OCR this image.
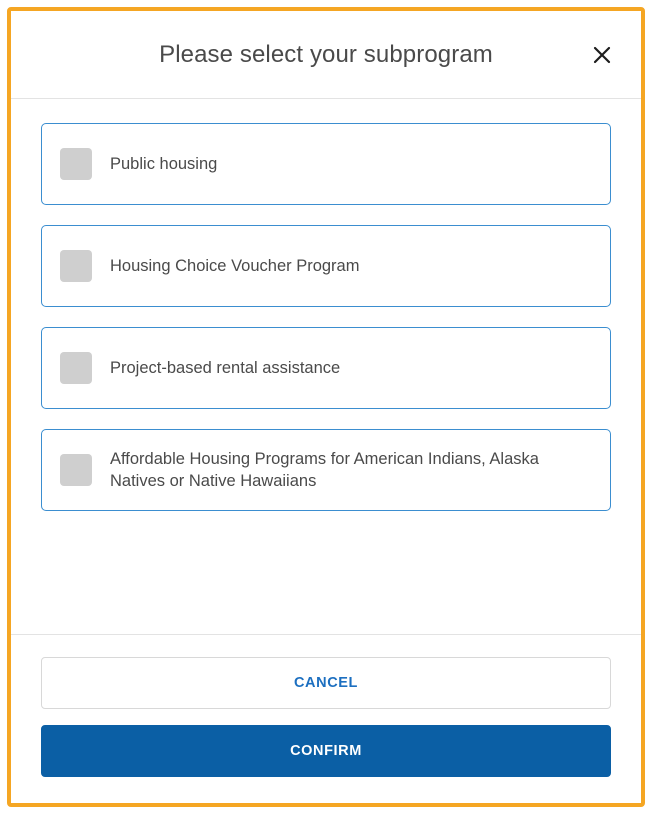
Please select your subprogram
Public housing
Housing Choice Voucher Program
Project-based rental assistance
Affordable Housing Programs for American Indians, Alaska Natives or Native Hawaiians
CANCEL
CONFIRM
